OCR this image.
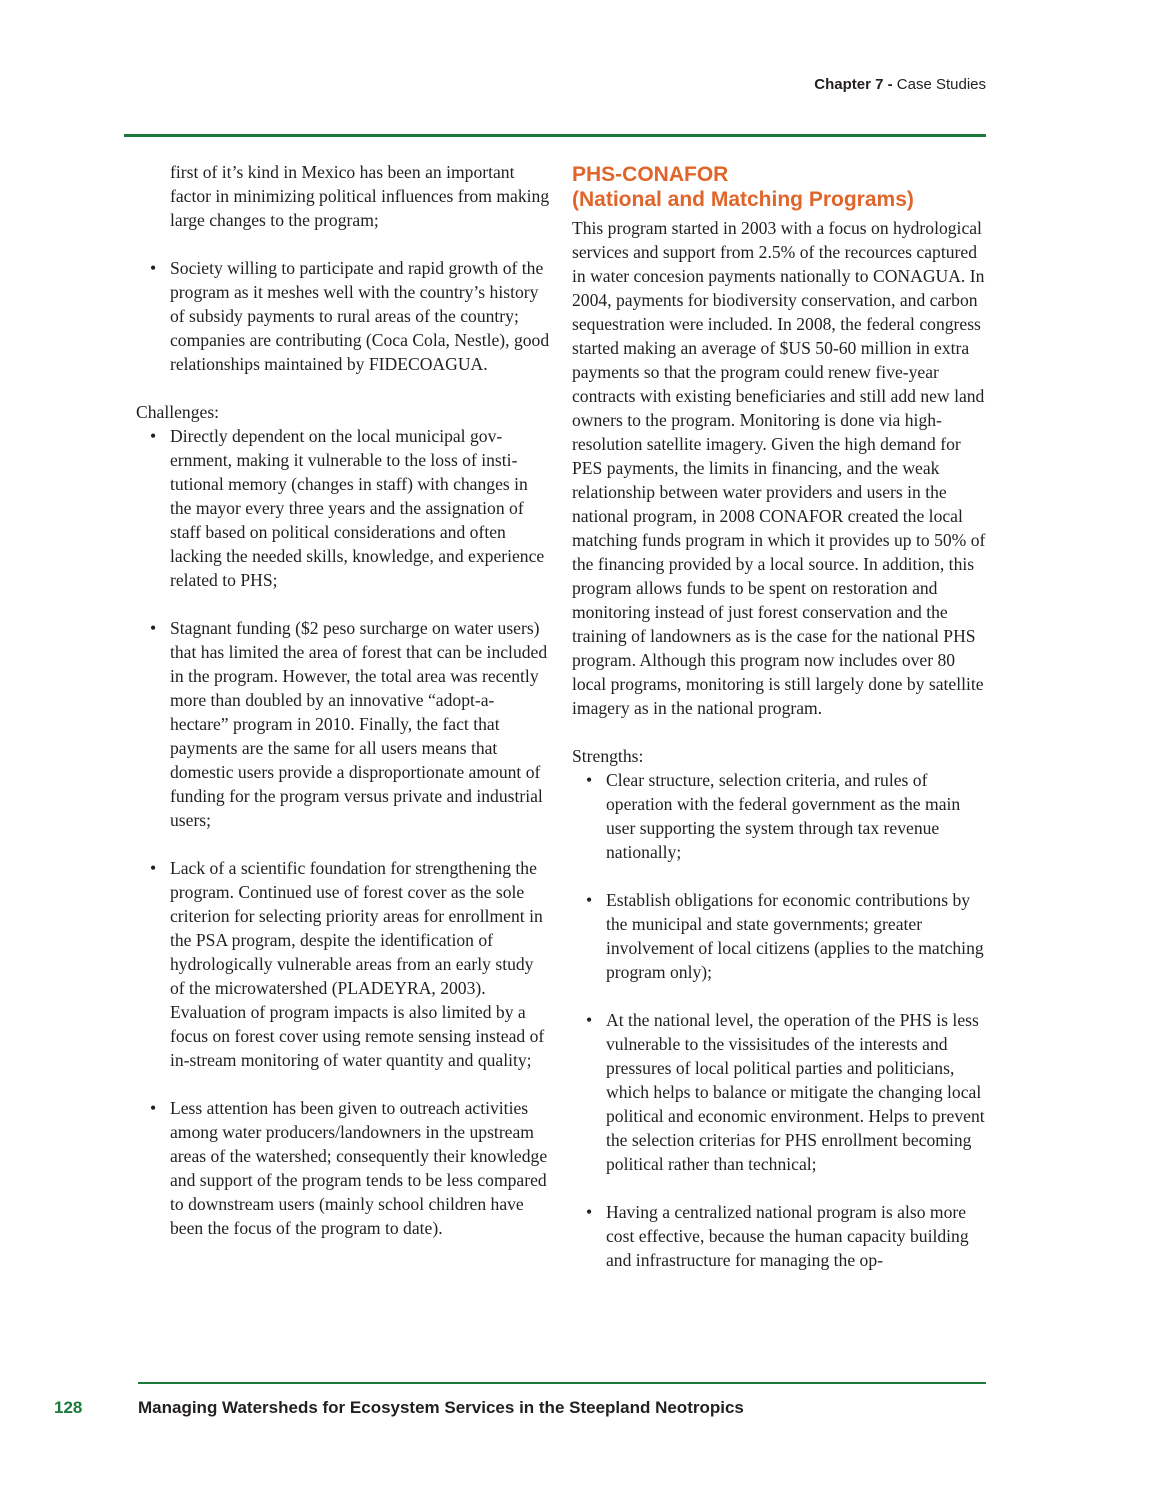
Chapter 7 - Case Studies

first of it’s kind in Mexico has been an important factor in minimizing political influences from making large changes to the program;

• Society willing to participate and rapid growth of the program as it meshes well with the country’s history of subsidy payments to rural areas of the country; companies are contributing (Coca Cola, Nestle), good relationships maintained by FIDECOAGUA.

Challenges:

• Directly dependent on the local municipal government, making it vulnerable to the loss of institutional memory (changes in staff) with changes in the mayor every three years and the assignation of staff based on political considerations and often lacking the needed skills, knowledge, and experience related to PHS;
• Stagnant funding ($2 peso surcharge on water users) that has limited the area of forest that can be included in the program. However, the total area was recently more than doubled by an innovative “adopt-a-hectare” program in 2010. Finally, the fact that payments are the same for all users means that domestic users provide a disproportionate amount of funding for the program versus private and industrial users;
• Lack of a scientific foundation for strengthening the program. Continued use of forest cover as the sole criterion for selecting priority areas for enrollment in the PSA program, despite the identification of hydrologically vulnerable areas from an early study of the microwatershed (PLADEYRA, 2003). Evaluation of program impacts is also limited by a focus on forest cover using remote sensing instead of in-stream monitoring of water quantity and quality;
• Less attention has been given to outreach activities among water producers/landowners in the upstream areas of the watershed; consequently their knowledge and support of the program tends to be less compared to downstream users (mainly school children have been the focus of the program to date).
PHS-CONAFOR
(National and Matching Programs)

This program started in 2003 with a focus on hydrological services and support from 2.5% of the recources captured in water concesion payments nationally to CONAGUA. In 2004, payments for biodiversity conservation, and carbon sequestration were included. In 2008, the federal congress started making an average of $US 50-60 million in extra payments so that the program could renew five-year contracts with existing beneficiaries and still add new land owners to the program. Monitoring is done via high-resolution satellite imagery. Given the high demand for PES payments, the limits in financing, and the weak relationship between water providers and users in the national program, in 2008 CONAFOR created the local matching funds program in which it provides up to 50% of the financing provided by a local source. In addition, this program allows funds to be spent on restoration and monitoring instead of just forest conservation and the training of landowners as is the case for the national PHS program. Although this program now includes over 80 local programs, monitoring is still largely done by satellite imagery as in the national program.

Strengths:

• Clear structure, selection criteria, and rules of operation with the federal government as the main user supporting the system through tax revenue nationally;
• Establish obligations for economic contributions by the municipal and state governments; greater involvement of local citizens (applies to the matching program only);
• At the national level, the operation of the PHS is less vulnerable to the vissisitudes of the interests and pressures of local political parties and politicians, which helps to balance or mitigate the changing local political and economic environment. Helps to prevent the selection criterias for PHS enrollment becoming political rather than technical;
• Having a centralized national program is also more cost effective, because the human capacity building and infrastructure for managing the op-
128	Managing Watersheds for Ecosystem Services in the Steepland Neotropics
